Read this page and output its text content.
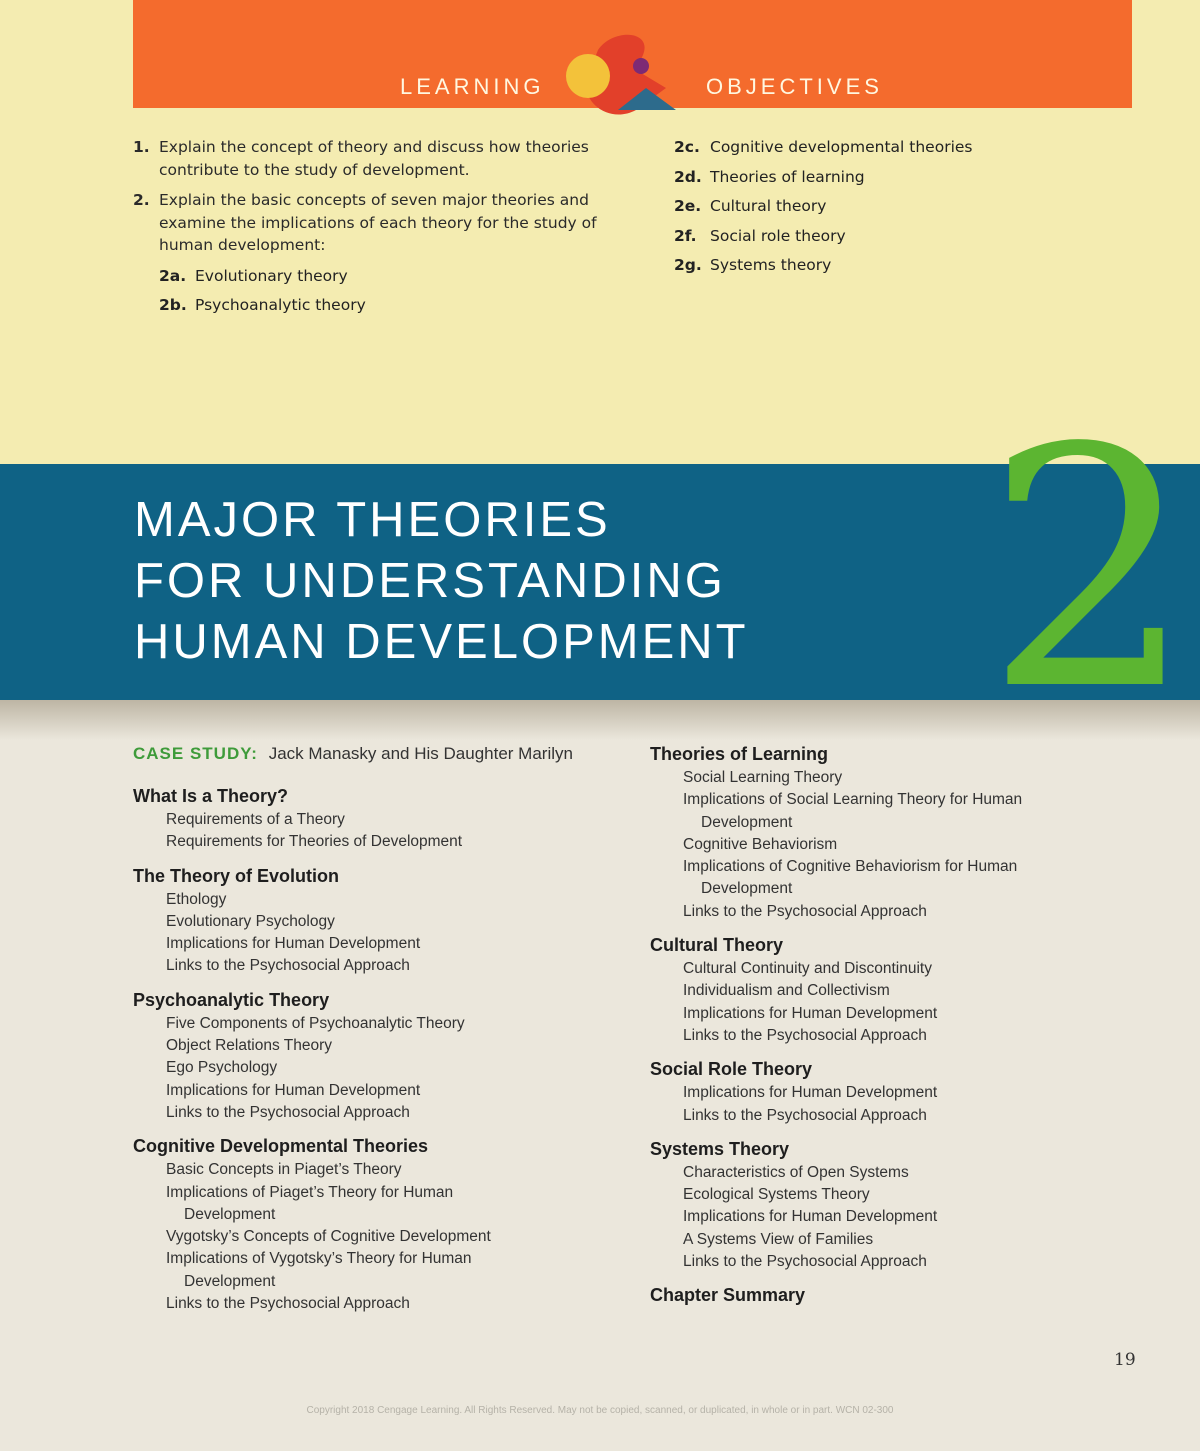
LEARNING	OBJECTIVES
1. Explain the concept of theory and discuss how theories contribute to the study of development.
2. Explain the basic concepts of seven major theories and examine the implications of each theory for the study of human development:
2a. Evolutionary theory
2b. Psychoanalytic theory
2c. Cognitive developmental theories
2d. Theories of learning
2e. Cultural theory
2f. Social role theory
2g. Systems theory
MAJOR THEORIES
FOR UNDERSTANDING
HUMAN DEVELOPMENT 2
CASE STUDY: Jack Manasky and His Daughter Marilyn
What Is a Theory?
Requirements of a Theory
Requirements for Theories of Development
The Theory of Evolution
Ethology
Evolutionary Psychology
Implications for Human Development
Links to the Psychosocial Approach
Psychoanalytic Theory
Five Components of Psychoanalytic Theory
Object Relations Theory
Ego Psychology
Implications for Human Development
Links to the Psychosocial Approach
Cognitive Developmental Theories
Basic Concepts in Piaget’s Theory
Implications of Piaget’s Theory for Human
Development
Vygotsky’s Concepts of Cognitive Development
Implications of Vygotsky’s Theory for Human
Development
Links to the Psychosocial Approach
Theories of Learning
Social Learning Theory
Implications of Social Learning Theory for Human
Development
Cognitive Behaviorism
Implications of Cognitive Behaviorism for Human
Development
Links to the Psychosocial Approach
Cultural Theory
Cultural Continuity and Discontinuity
Individualism and Collectivism
Implications for Human Development
Links to the Psychosocial Approach
Social Role Theory
Implications for Human Development
Links to the Psychosocial Approach
Systems Theory
Characteristics of Open Systems
Ecological Systems Theory
Implications for Human Development
A Systems View of Families
Links to the Psychosocial Approach
Chapter Summary
19
Copyright 2018 Cengage Learning. All Rights Reserved. May not be copied, scanned, or duplicated, in whole or in part. WCN 02-300
